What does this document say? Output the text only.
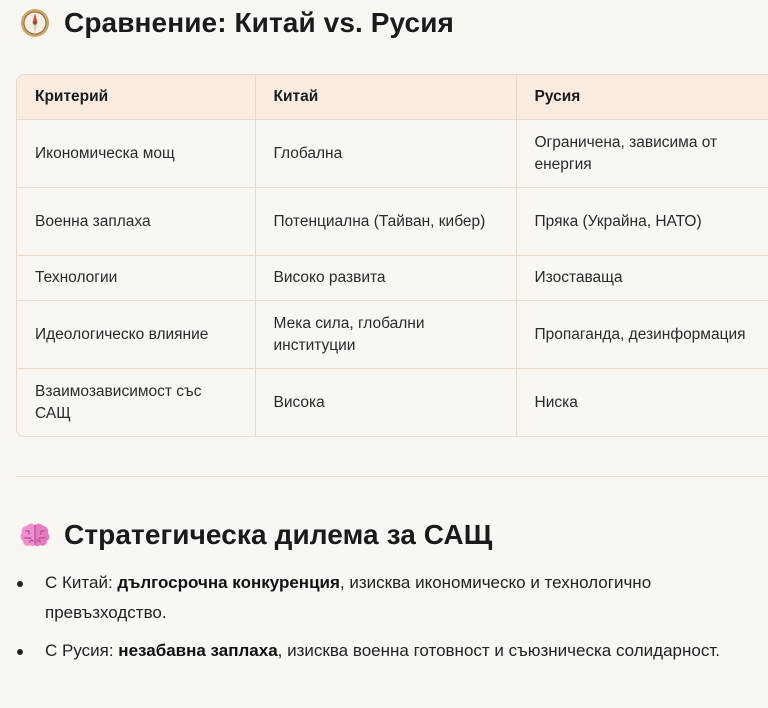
Сравнение: Китай vs. Русия
Критерий	Китай	Русия
Икономическа мощ	Глобална	Ограничена, зависима от енергия
Военна заплаха	Потенциална (Тайван, кибер)	Пряка (Украйна, НАТО)
Технологии	Високо развита	Изоставаща
Идеологическо влияние	Мека сила, глобални институции	Пропаганда, дезинформация
Взаимозависимост със САЩ	Висока	Ниска
Стратегическа дилема за САЩ
С Китай: дългосрочна конкуренция, изисква икономическо и технологично превъзходство.
С Русия: незабавна заплаха, изисква военна готовност и съюзническа солидарност.
